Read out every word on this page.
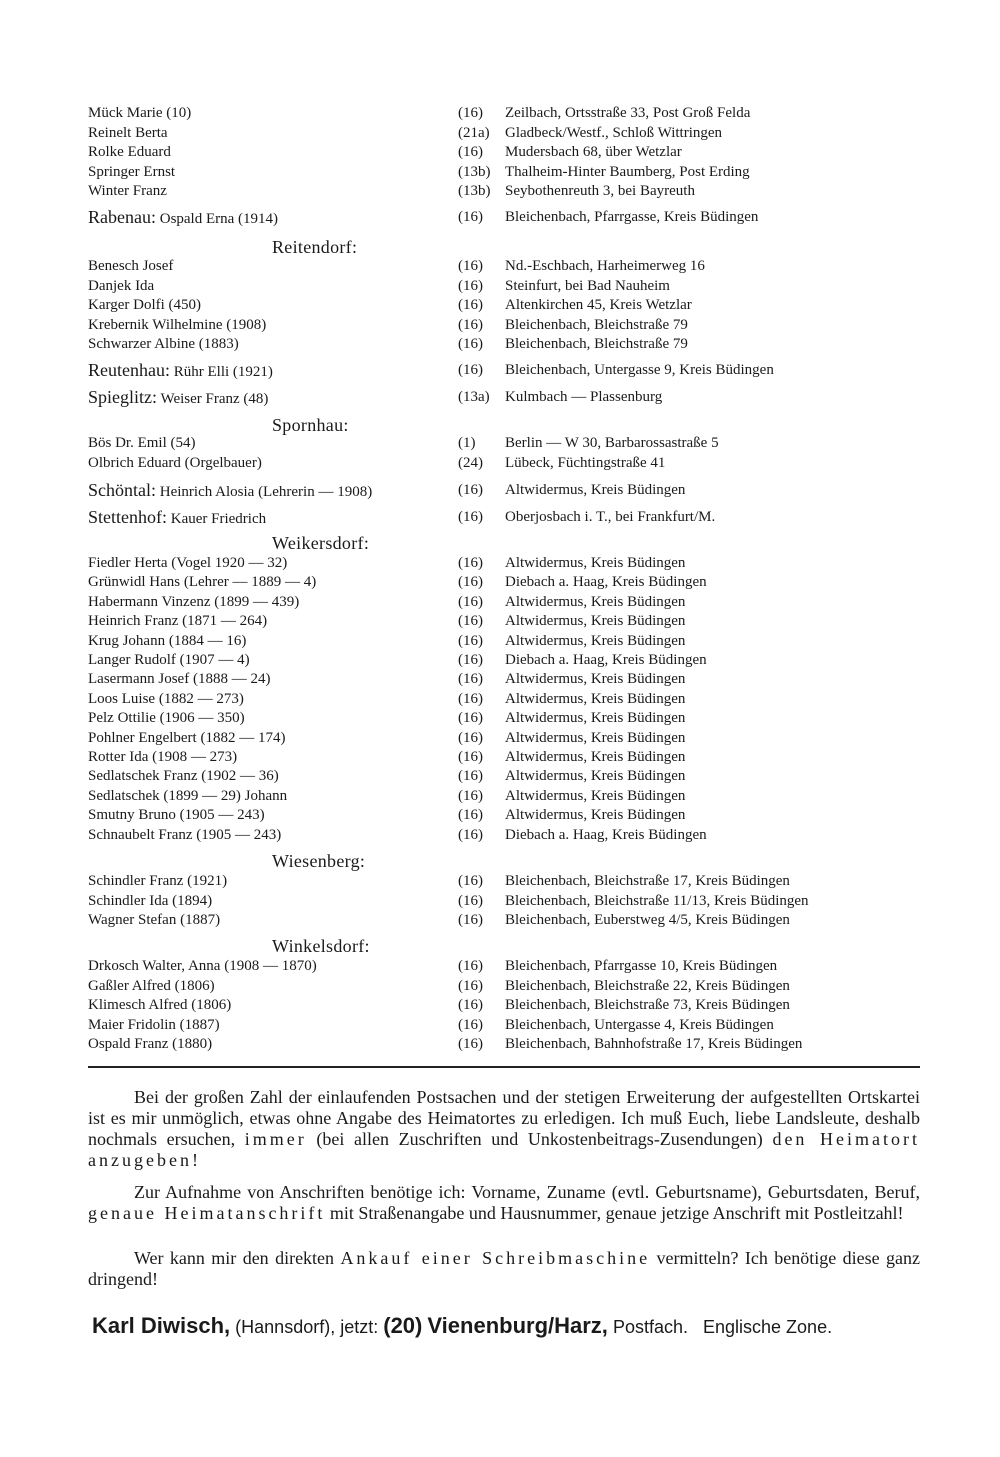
Mück Marie (10)	(16) Zeilbach, Ortsstraße 33, Post Groß Felda
Reinelt Berta	(21a) Gladbeck/Westf., Schloß Wittringen
Rolke Eduard	(16) Mudersbach 68, über Wetzlar
Springer Ernst	(13b) Thalheim-Hinter Baumberg, Post Erding
Winter Franz	(13b) Seybothenreuth 3, bei Bayreuth
Rabenau: Ospald Erna (1914)	(16) Bleichenbach, Pfarrgasse, Kreis Büdingen
Reitendorf:
Benesch Josef	(16) Nd.-Eschbach, Harheimerweg 16
Danjek Ida	(16) Steinfurt, bei Bad Nauheim
Karger Dolfi (450)	(16) Altenkirchen 45, Kreis Wetzlar
Krebernik Wilhelmine (1908)	(16) Bleichenbach, Bleichstraße 79
Schwarzer Albine (1883)	(16) Bleichenbach, Bleichstraße 79
Reutenhau: Rühr Elli (1921)	(16) Bleichenbach, Untergasse 9, Kreis Büdingen
Spieglitz: Weiser Franz (48)	(13a) Kulmbach — Plassenburg
Spornhau:
Bös Dr. Emil (54)	(1) Berlin — W 30, Barbarossastraße 5
Olbrich Eduard (Orgelbauer)	(24) Lübeck, Füchtingstraße 41
Schöntal: Heinrich Alosia (Lehrerin — 1908)	(16) Altwidermus, Kreis Büdingen
Stettenhof: Kauer Friedrich	(16) Oberjosbach i. T., bei Frankfurt/M.
Weikersdorf:
Fiedler Herta (Vogel 1920 — 32)	(16) Altwidermus, Kreis Büdingen
Grünwidl Hans (Lehrer — 1889 — 4)	(16) Diebach a. Haag, Kreis Büdingen
Habermann Vinzenz (1899 — 439)	(16) Altwidermus, Kreis Büdingen
Heinrich Franz (1871 — 264)	(16) Altwidermus, Kreis Büdingen
Krug Johann (1884 — 16)	(16) Altwidermus, Kreis Büdingen
Langer Rudolf (1907 — 4)	(16) Diebach a. Haag, Kreis Büdingen
Lasermann Josef (1888 — 24)	(16) Altwidermus, Kreis Büdingen
Loos Luise (1882 — 273)	(16) Altwidermus, Kreis Büdingen
Pelz Ottilie (1906 — 350)	(16) Altwidermus, Kreis Büdingen
Pohlner Engelbert (1882 — 174)	(16) Altwidermus, Kreis Büdingen
Rotter Ida (1908 — 273)	(16) Altwidermus, Kreis Büdingen
Sedlatschek Franz (1902 — 36)	(16) Altwidermus, Kreis Büdingen
Sedlatschek (1899 — 29) Johann	(16) Altwidermus, Kreis Büdingen
Smutny Bruno (1905 — 243)	(16) Altwidermus, Kreis Büdingen
Schnaubelt Franz (1905 — 243)	(16) Diebach a. Haag, Kreis Büdingen
Wiesenberg:
Schindler Franz (1921)	(16) Bleichenbach, Bleichstraße 17, Kreis Büdingen
Schindler Ida (1894)	(16) Bleichenbach, Bleichstraße 11/13, Kreis Büdingen
Wagner Stefan (1887)	(16) Bleichenbach, Euberstweg 4/5, Kreis Büdingen
Winkelsdorf:
Drkosch Walter, Anna (1908 — 1870)	(16) Bleichenbach, Pfarrgasse 10, Kreis Büdingen
Gaßler Alfred (1806)	(16) Bleichenbach, Bleichstraße 22, Kreis Büdingen
Klimesch Alfred (1806)	(16) Bleichenbach, Bleichstraße 73, Kreis Büdingen
Maier Fridolin (1887)	(16) Bleichenbach, Untergasse 4, Kreis Büdingen
Ospald Franz (1880)	(16) Bleichenbach, Bahnhofstraße 17, Kreis Büdingen
Bei der großen Zahl der einlaufenden Postsachen und der stetigen Erweiterung der aufgestellten Ortskartei ist es mir unmöglich, etwas ohne Angabe des Heimatortes zu erledigen. Ich muß Euch, liebe Landsleute, deshalb nochmals ersuchen, immer (bei allen Zuschriften und Unkostenbeitrags-Zusendungen) den Heimatort anzugeben!
Zur Aufnahme von Anschriften benötige ich: Vorname, Zuname (evtl. Geburtsname), Geburtsdaten, Beruf, genaue Heimatanschrift mit Straßenangabe und Hausnummer, genaue jetzige Anschrift mit Postleitzahl!
Wer kann mir den direkten Ankauf einer Schreibmaschine vermitteln? Ich benötige diese ganz dringend!
Karl Diwisch, (Hannsdorf), jetzt: (20) Vienenburg/Harz, Postfach. Englische Zone.
